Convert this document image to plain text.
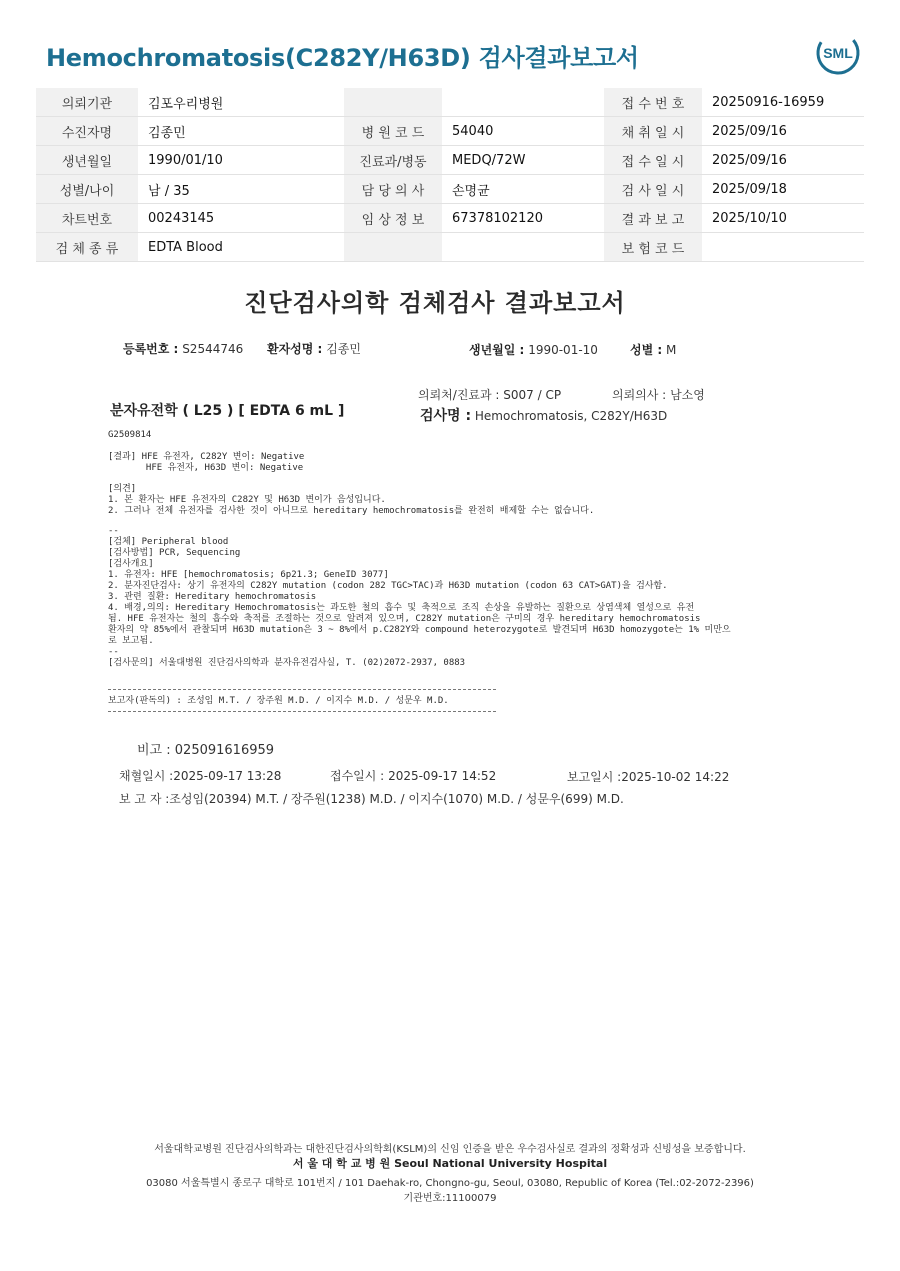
Hemochromatosis(C282Y/H63D) 검사결과보고서	SML
의뢰기관	김포우리병원			접 수 번 호	20250916-16959
수진자명	김종민	병 원 코 드	54040	채 취 일 시	2025/09/16
생년월일	1990/01/10	진료과/병동	MEDQ/72W	접 수 일 시	2025/09/16
성별/나이	남 / 35	담 당 의 사	손명균	검 사 일 시	2025/09/18
차트번호	00243145	임 상 정 보	67378102120	결 과 보 고	2025/10/10
검 체 종 류	EDTA Blood			보 험 코 드	
진단검사의학 검체검사 결과보고서
등록번호 : S2544746 환자성명 : 김종민	생년월일 : 1990-01-10	성별 : M
의뢰처/진료과 : S007 / CP	의뢰의사 : 남소영
분자유전학 ( L25 ) [ EDTA 6 mL ]	검사명 : Hemochromatosis, C282Y/H63D
G2509814
[결과] HFE 유전자, C282Y 변이: Negative
HFE 유전자, H63D 변이: Negative
[의견]
1. 본 환자는 HFE 유전자의 C282Y 및 H63D 변이가 음성입니다.
2. 그러나 전체 유전자를 검사한 것이 아니므로 hereditary hemochromatosis를 완전히 배제할 수는 없습니다.
--
[검체] Peripheral blood
[검사방법] PCR, Sequencing
[검사개요]
1. 유전자: HFE [hemochromatosis; 6p21.3; GeneID 3077]
2. 분자진단검사: 상기 유전자의 C282Y mutation (codon 282 TGC>TAC)과 H63D mutation (codon 63 CAT>GAT)을 검사함.
3. 관련 질환: Hereditary hemochromatosis
4. 배경,의의: Hereditary Hemochromatosis는 과도한 철의 흡수 및 축적으로 조직 손상을 유발하는 질환으로 상염색체 열성으로 유전
됨. HFE 유전자는 철의 흡수와 축적를 조절하는 것으로 알려져 있으며, C282Y mutation은 구미의 경우 hereditary hemochromatosis
환자의 약 85%에서 관찰되며 H63D mutation은 3 ~ 8%에서 p.C282Y와 compound heterozygote로 발견되며 H63D homozygote는 1% 미만으
로 보고됨.
--
[검사문의] 서울대병원 진단검사의학과 분자유전검사실, T. (02)2072-2937, 0883
보고자(판독의) : 조성임 M.T. / 장주원 M.D. / 이지수 M.D. / 성문우 M.D.
비고 : 025091616959
채혈일시 :2025-09-17 13:28	접수일시 : 2025-09-17 14:52	보고일시 :2025-10-02 14:22
보 고 자 :조성임(20394) M.T. / 장주원(1238) M.D. / 이지수(1070) M.D. / 성문우(699) M.D.
서울대학교병원 진단검사의학과는 대한진단검사의학회(KSLM)의 신임 인증을 받은 우수검사실로 결과의 정확성과 신빙성을 보증합니다.
서 울 대 학 교 병 원 Seoul National University Hospital
03080 서울특별시 종로구 대학로 101번지 / 101 Daehak-ro, Chongno-gu, Seoul, 03080, Republic of Korea (Tel.:02-2072-2396)
기관번호:11100079
